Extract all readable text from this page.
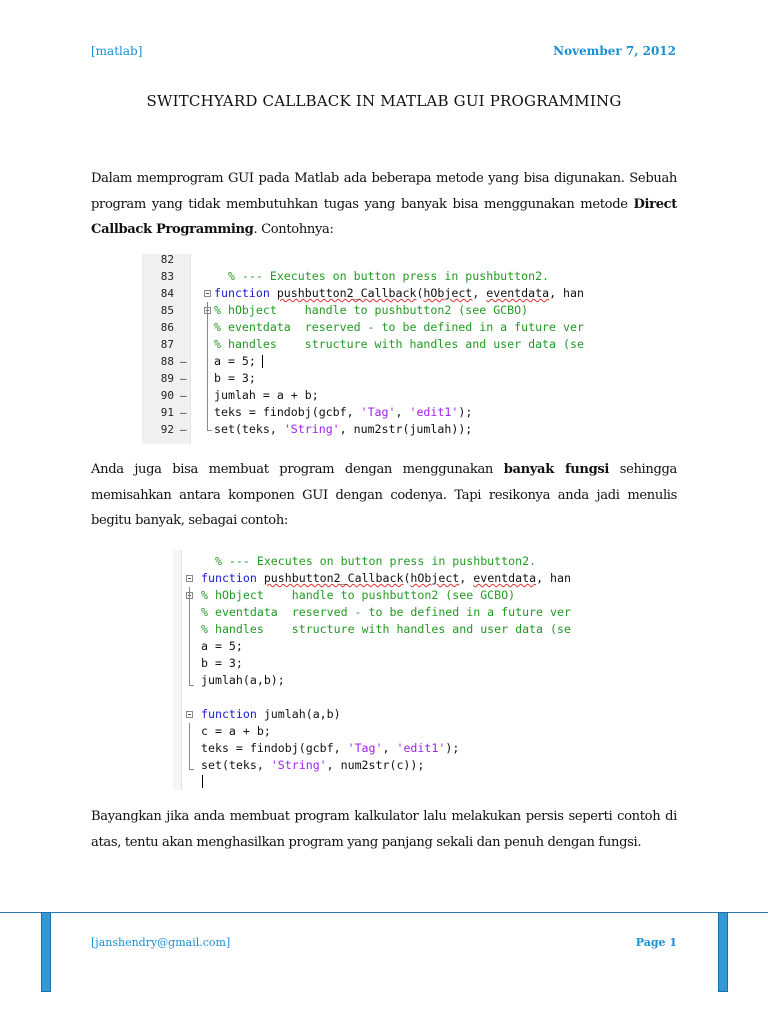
[matlab]	November 7, 2012
SWITCHYARD CALLBACK IN MATLAB GUI PROGRAMMING
Dalam memprogram GUI pada Matlab ada beberapa metode yang bisa digunakan. Sebuah program yang tidak membutuhkan tugas yang banyak bisa menggunakan metode Direct Callback Programming. Contohnya:
82
83	% --- Executes on button press in pushbutton2.
84	function pushbutton2_Callback(hObject, eventdata, han
85	% hObject    handle to pushbutton2 (see GCBO)
86	% eventdata  reserved - to be defined in a future ver
87	% handles    structure with handles and user data (se
88 – a = 5;
89 – b = 3;
90 – jumlah = a + b;
91 – teks = findobj(gcbf, 'Tag', 'edit1');
92 – set(teks, 'String', num2str(jumlah));
Anda juga bisa membuat program dengan menggunakan banyak fungsi sehingga memisahkan antara komponen GUI dengan codenya. Tapi resikonya anda jadi menulis begitu banyak, sebagai contoh:
% --- Executes on button press in pushbutton2.
function pushbutton2_Callback(hObject, eventdata, han
% hObject    handle to pushbutton2 (see GCBO)
% eventdata  reserved - to be defined in a future ver
% handles    structure with handles and user data (se
a = 5;
b = 3;
jumlah(a,b);
function jumlah(a,b)
c = a + b;
teks = findobj(gcbf, 'Tag', 'edit1');
set(teks, 'String', num2str(c));
Bayangkan jika anda membuat program kalkulator lalu melakukan persis seperti contoh di atas, tentu akan menghasilkan program yang panjang sekali dan penuh dengan fungsi.
[janshendry@gmail.com]	Page 1
